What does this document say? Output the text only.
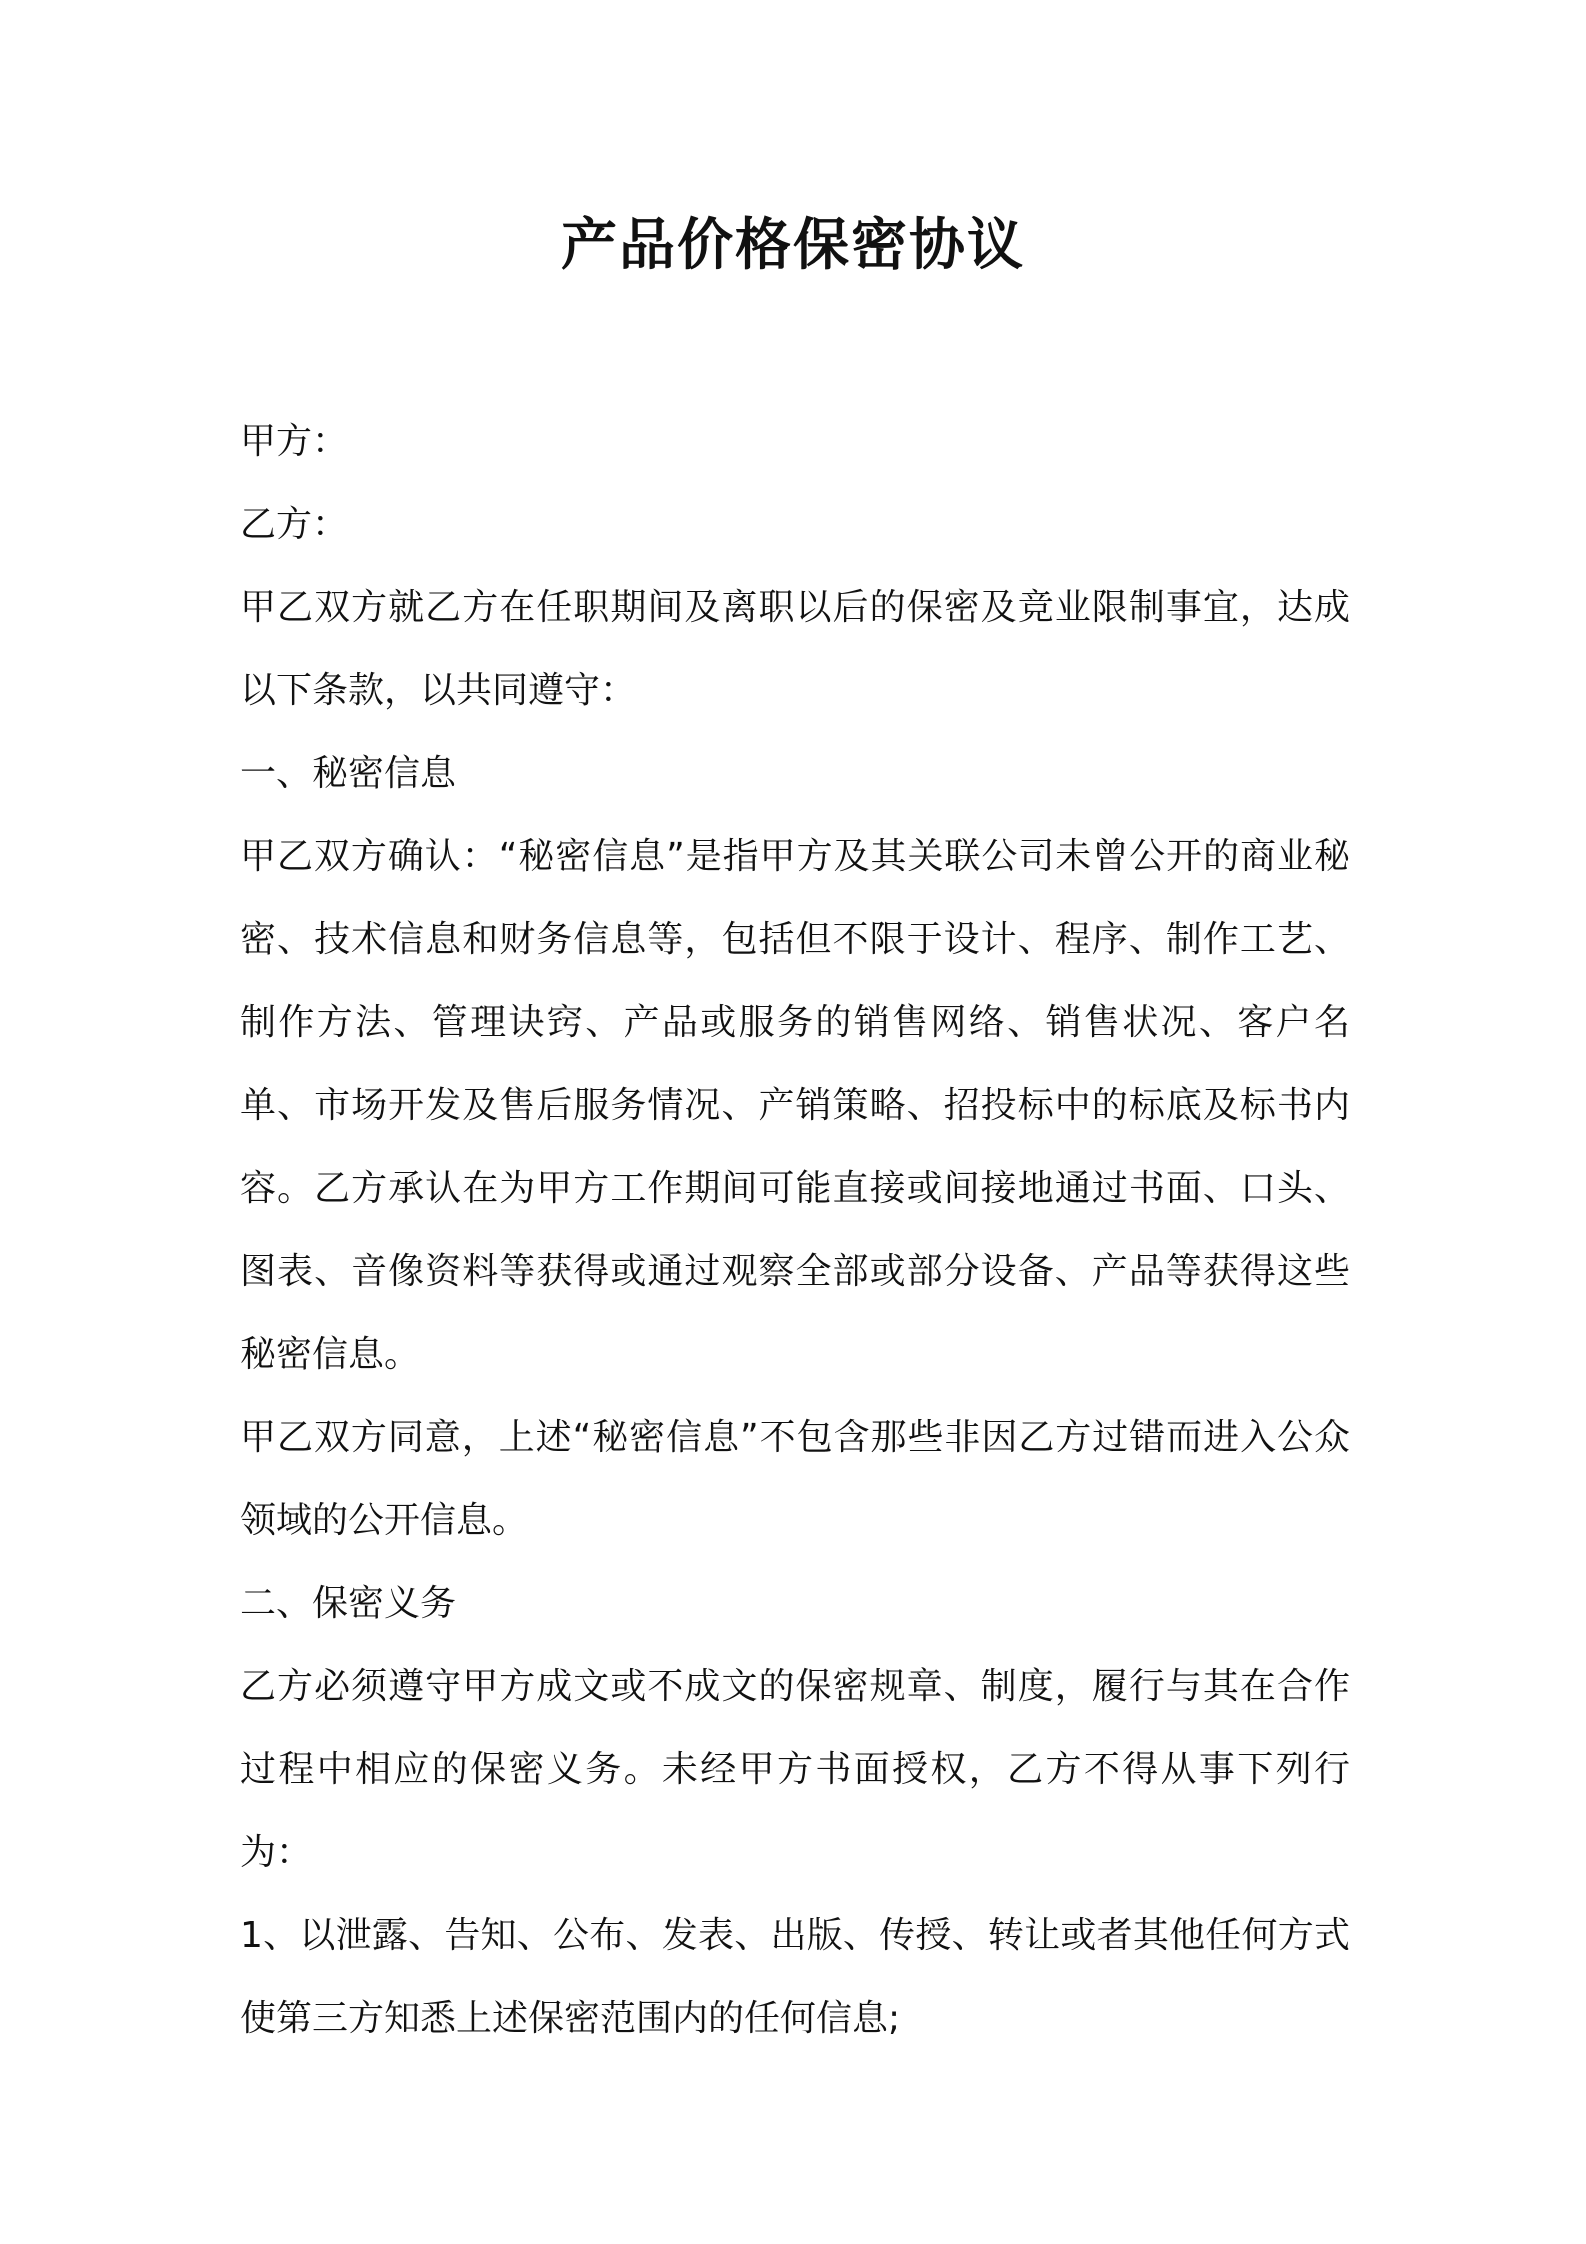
产品价格保密协议

甲方：

乙方：

甲乙双方就乙方在任职期间及离职以后的保密及竞业限制事宜，达成以下条款，以共同遵守：

一、秘密信息

甲乙双方确认：“秘密信息”是指甲方及其关联公司未曾公开的商业秘密、技术信息和财务信息等，包括但不限于设计、程序、制作工艺、制作方法、管理诀窍、产品或服务的销售网络、销售状况、客户名单、市场开发及售后服务情况、产销策略、招投标中的标底及标书内容。乙方承认在为甲方工作期间可能直接或间接地通过书面、口头、图表、音像资料等获得或通过观察全部或部分设备、产品等获得这些秘密信息。

甲乙双方同意，上述“秘密信息”不包含那些非因乙方过错而进入公众领域的公开信息。

二、保密义务

乙方必须遵守甲方成文或不成文的保密规章、制度，履行与其在合作过程中相应的保密义务。未经甲方书面授权，乙方不得从事下列行为：

1、以泄露、告知、公布、发表、出版、传授、转让或者其他任何方式使第三方知悉上述保密范围内的任何信息;
